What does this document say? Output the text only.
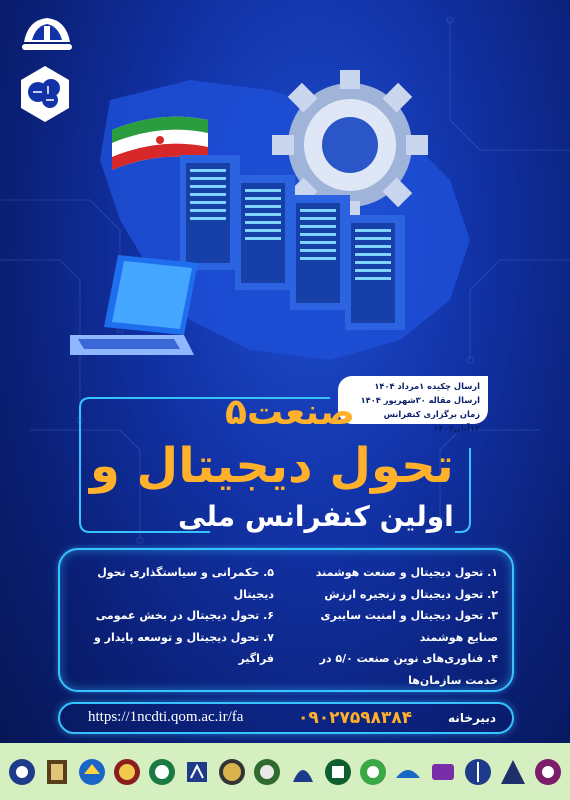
ارسال چکیده ۱مرداد ۱۴۰۴
ارسال مقاله ۳۰شهریور ۱۴۰۴
زمان برگزاری کنفرانس ۱۲آبان۱۴۰۴
صنعت۵
تحول دیجیتال و
اولین کنفرانس ملی
۱. تحول دیجیتال و صنعت هوشمند
۲. تحول دیجیتال و زنجیره ارزش
۳. تحول دیجیتال و امنیت سایبری
صنایع هوشمند
۴. فناوری‌های نوین صنعت ۵/۰ در
خدمت سازمان‌ها
۵. حکمرانی و سیاستگذاری تحول
دیجیتال
۶. تحول دیجیتال در بخش عمومی
۷. تحول دیجیتال و توسعه پایدار و
فراگیر
https://1ncdti.qom.ac.ir/fa	۰۹۰۲۷۵۹۸۳۸۴	دبیرخانه
